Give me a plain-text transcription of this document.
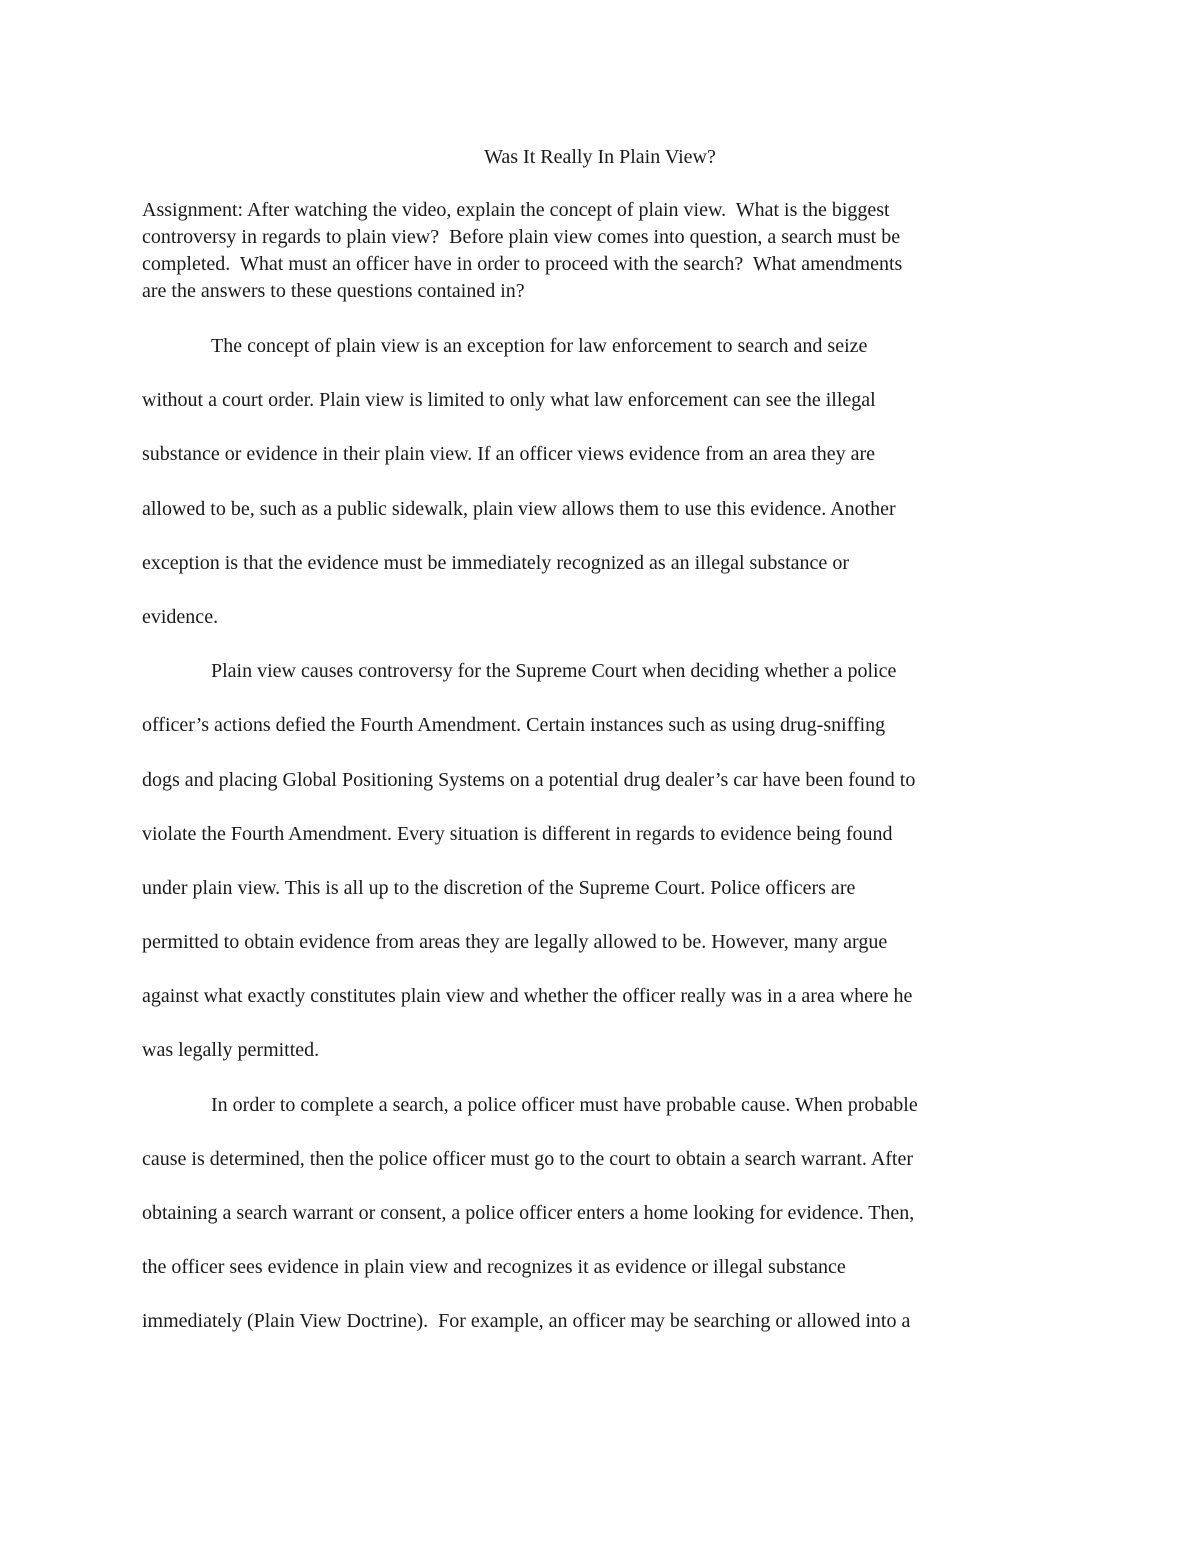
Was It Really In Plain View?
Assignment: After watching the video, explain the concept of plain view.  What is the biggest
controversy in regards to plain view?  Before plain view comes into question, a search must be
completed.  What must an officer have in order to proceed with the search?  What amendments
are the answers to these questions contained in?
The concept of plain view is an exception for law enforcement to search and seize
without a court order. Plain view is limited to only what law enforcement can see the illegal
substance or evidence in their plain view. If an officer views evidence from an area they are
allowed to be, such as a public sidewalk, plain view allows them to use this evidence. Another
exception is that the evidence must be immediately recognized as an illegal substance or
evidence.
Plain view causes controversy for the Supreme Court when deciding whether a police
officer’s actions defied the Fourth Amendment. Certain instances such as using drug-sniffing
dogs and placing Global Positioning Systems on a potential drug dealer’s car have been found to
violate the Fourth Amendment. Every situation is different in regards to evidence being found
under plain view. This is all up to the discretion of the Supreme Court. Police officers are
permitted to obtain evidence from areas they are legally allowed to be. However, many argue
against what exactly constitutes plain view and whether the officer really was in a area where he
was legally permitted.
In order to complete a search, a police officer must have probable cause. When probable
cause is determined, then the police officer must go to the court to obtain a search warrant. After
obtaining a search warrant or consent, a police officer enters a home looking for evidence. Then,
the officer sees evidence in plain view and recognizes it as evidence or illegal substance
immediately (Plain View Doctrine).  For example, an officer may be searching or allowed into a
